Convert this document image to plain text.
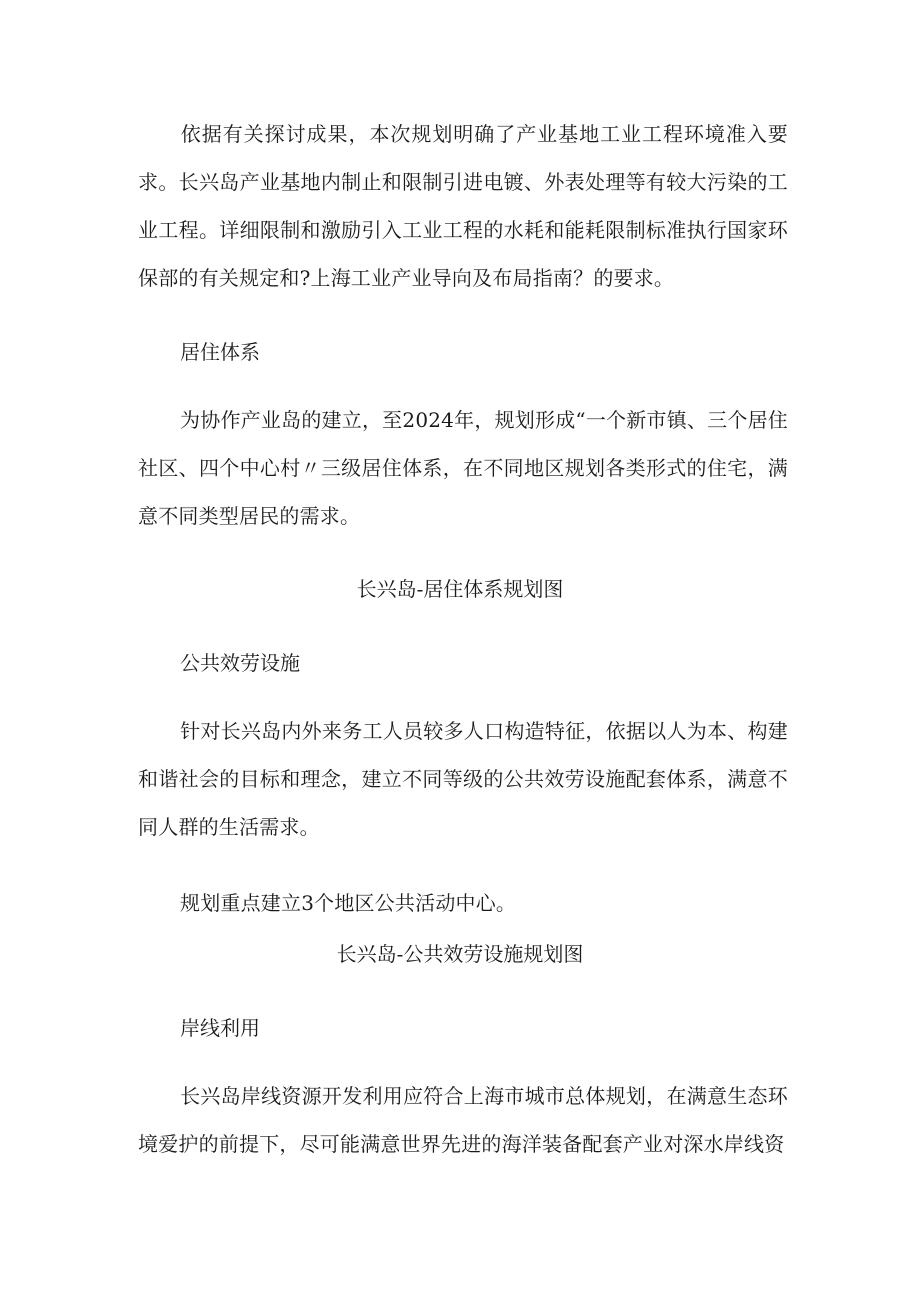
依据有关探讨成果，本次规划明确了产业基地工业工程环境准入要求。长兴岛产业基地内制止和限制引进电镀、外表处理等有较大污染的工业工程。详细限制和激励引入工业工程的水耗和能耗限制标准执行国家环保部的有关规定和?上海工业产业导向及布局指南？的要求。

居住体系

为协作产业岛的建立，至2024年，规划形成“一个新市镇、三个居住社区、四个中心村〃三级居住体系，在不同地区规划各类形式的住宅，满意不同类型居民的需求。

长兴岛-居住体系规划图

公共效劳设施

针对长兴岛内外来务工人员较多人口构造特征，依据以人为本、构建和谐社会的目标和理念，建立不同等级的公共效劳设施配套体系，满意不同人群的生活需求。

规划重点建立3个地区公共活动中心。

长兴岛-公共效劳设施规划图

岸线利用

长兴岛岸线资源开发利用应符合上海市城市总体规划，在满意生态环境爱护的前提下，尽可能满意世界先进的海洋装备配套产业对深水岸线资
